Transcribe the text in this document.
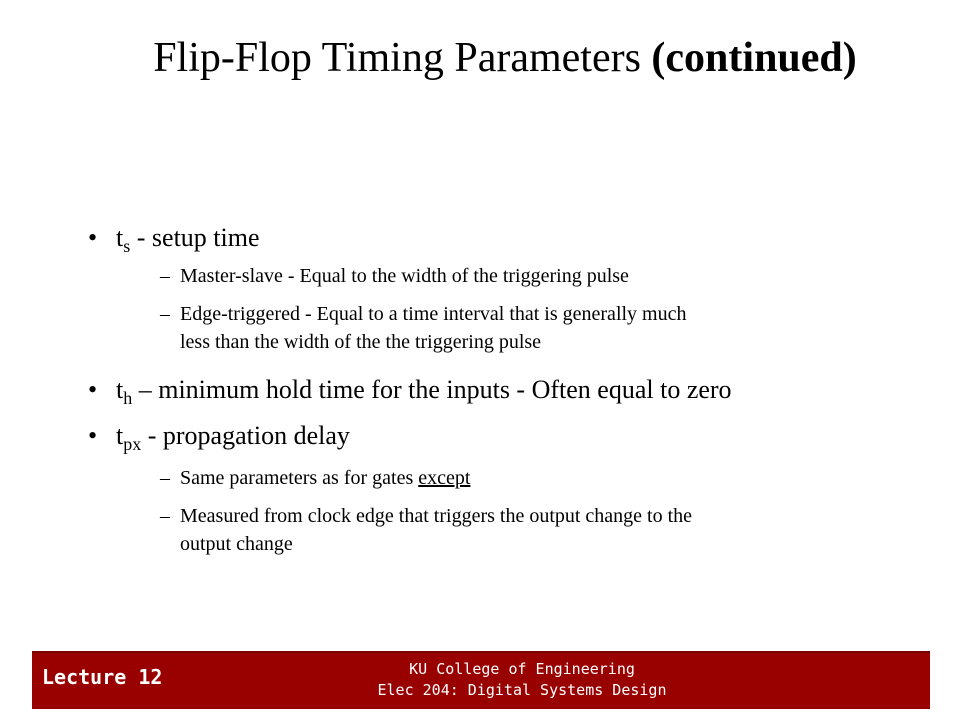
Flip-Flop Timing Parameters (continued)
• $t_s$ - setup time
– Master-slave - Equal to the width of the triggering pulse
– Edge-triggered - Equal to a time interval that is generally much
less than the width of the the triggering pulse
• $t_h$ – minimum hold time for the inputs - Often equal to zero
• $t_{px}$ - propagation delay
– Same parameters as for gates except
– Measured from clock edge that triggers the output change to the
output change
Lecture 12	KU College of Engineering
Elec 204: Digital Systems Design
